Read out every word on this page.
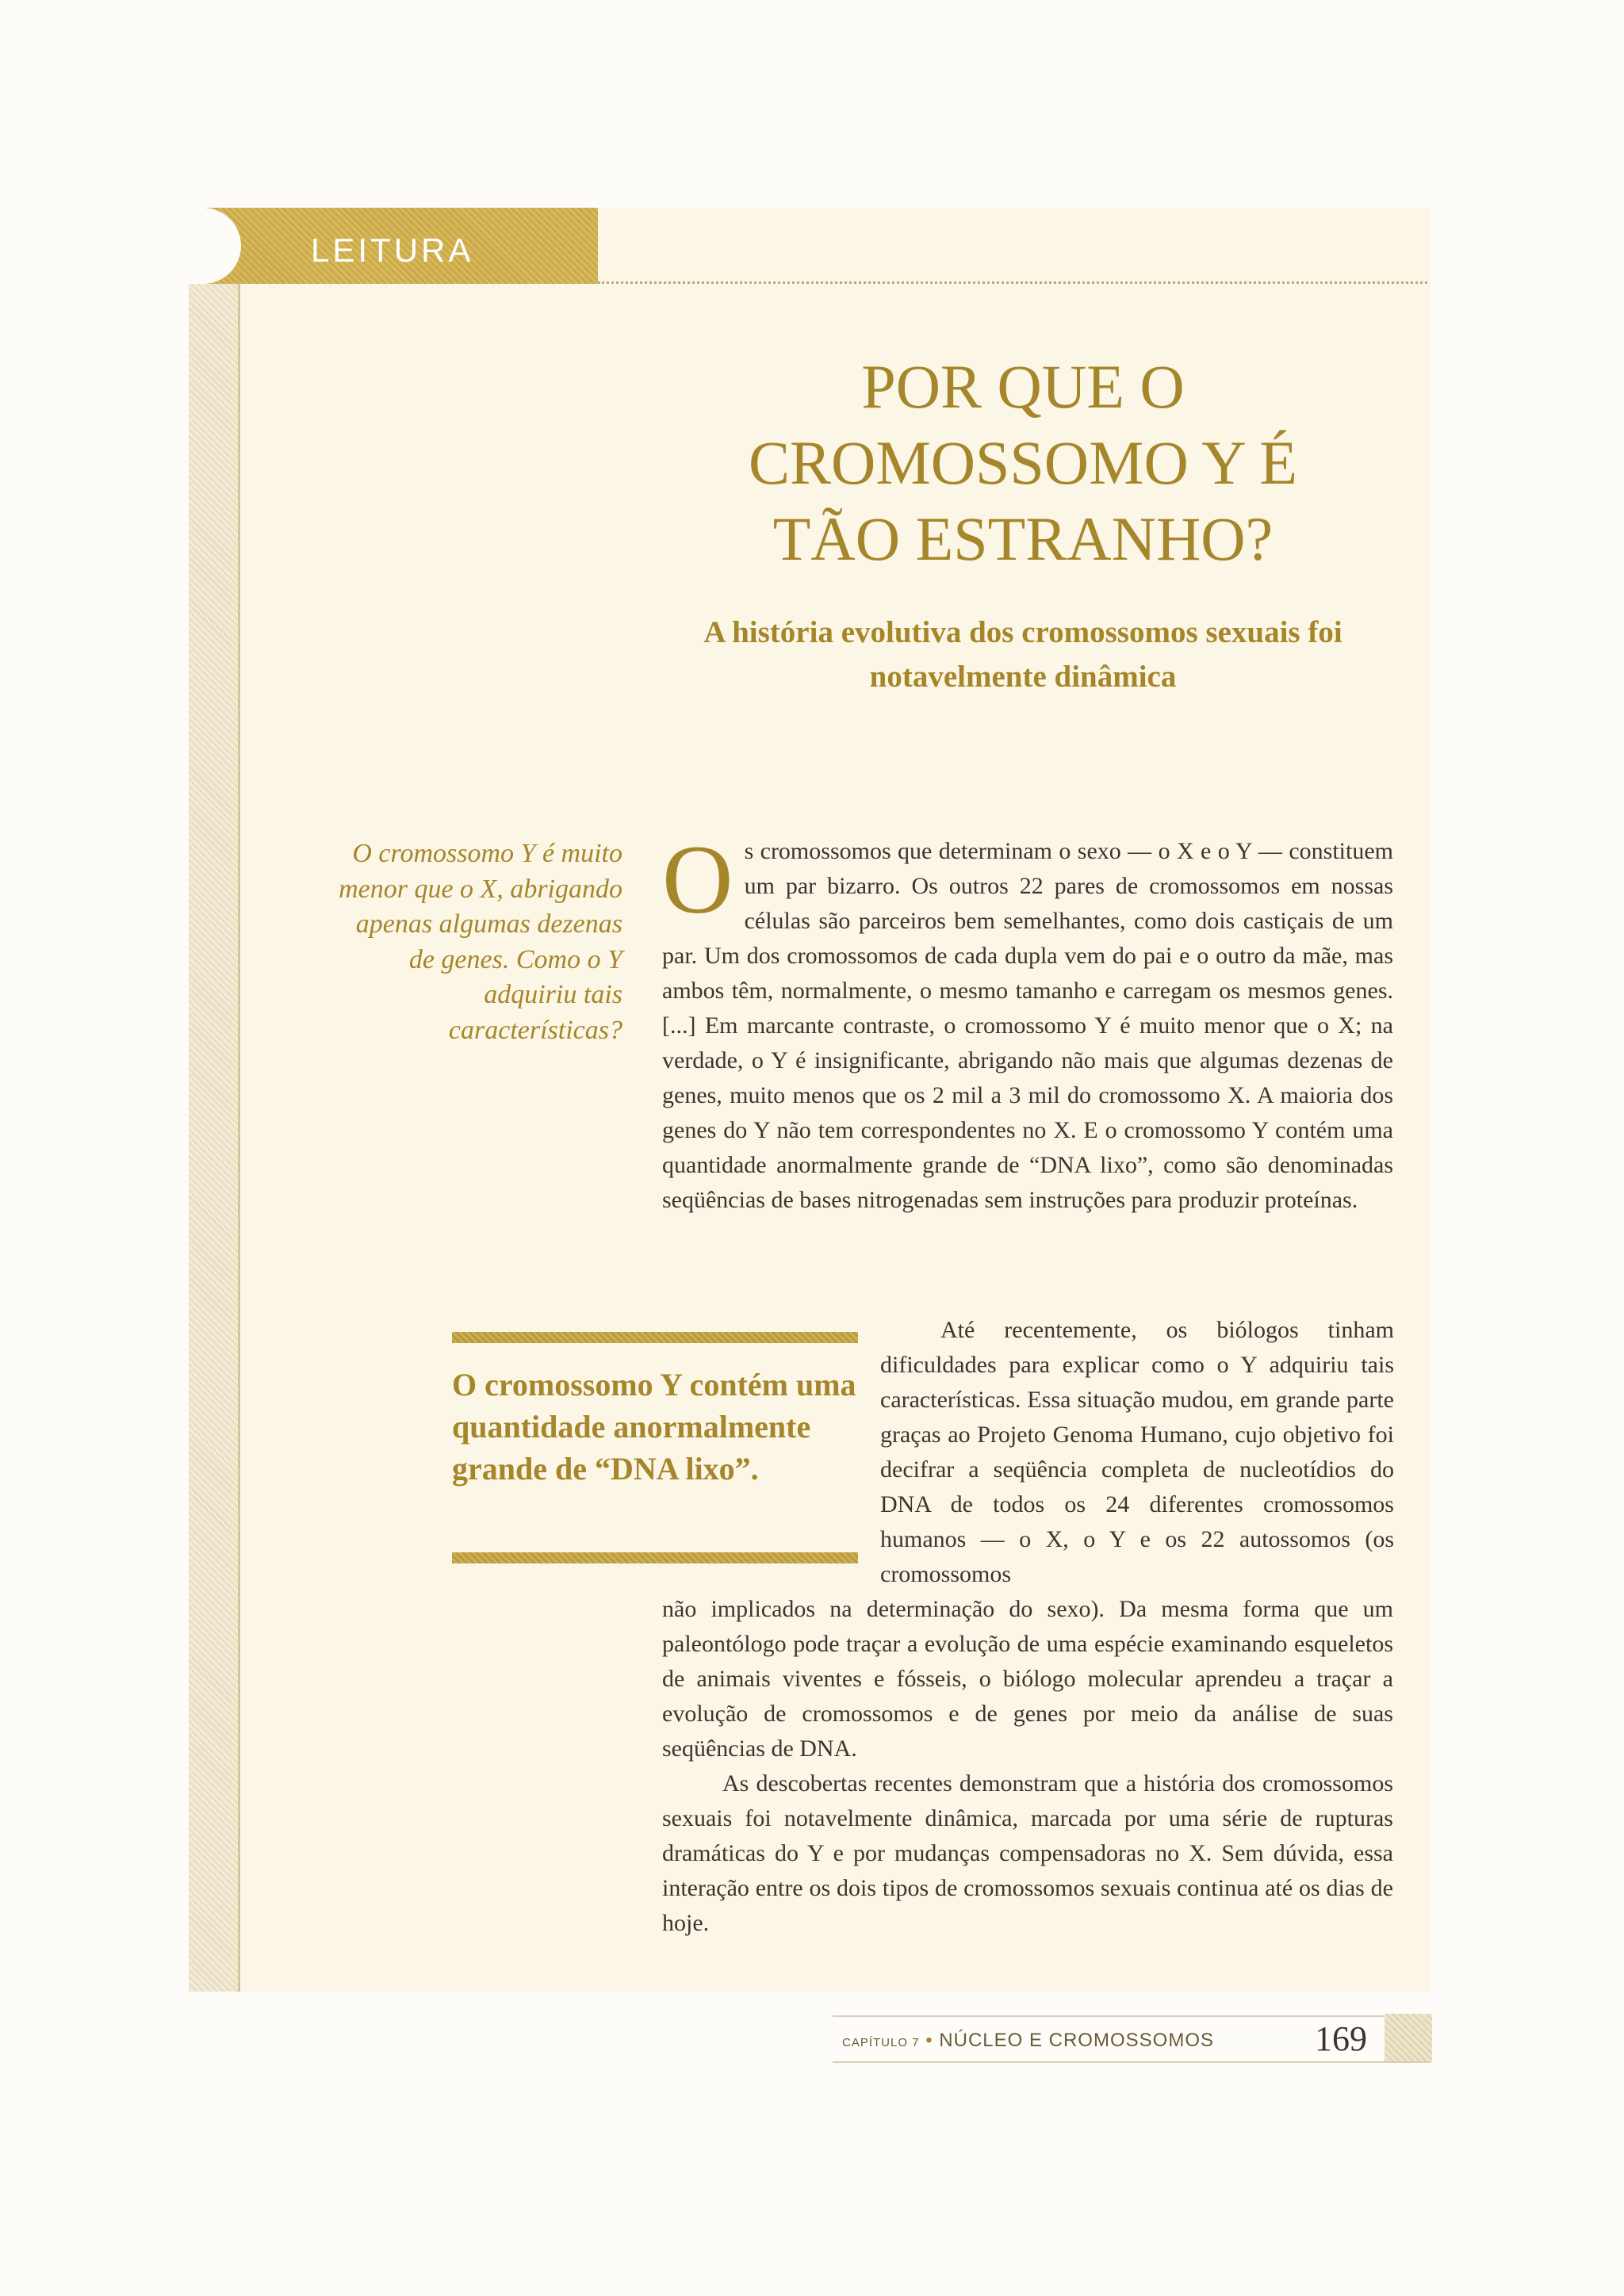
LEITURA
POR QUE O CROMOSSOMO Y É TÃO ESTRANHO?
A história evolutiva dos cromossomos sexuais foi notavelmente dinâmica

O cromossomo Y é muito menor que o X, abrigando apenas algumas dezenas de genes. Como o Y adquiriu tais características?

Os cromossomos que determinam o sexo — o X e o Y — constituem um par bizarro. Os outros 22 pares de cromossomos em nossas células são parceiros bem semelhantes, como dois castiçais de um par. Um dos cromossomos de cada dupla vem do pai e o outro da mãe, mas ambos têm, normalmente, o mesmo tamanho e carregam os mesmos genes. [...] Em marcante contraste, o cromossomo Y é muito menor que o X; na verdade, o Y é insignificante, abrigando não mais que algumas dezenas de genes, muito menos que os 2 mil a 3 mil do cromossomo X. A maioria dos genes do Y não tem correspondentes no X. E o cromossomo Y contém uma quantidade anormalmente grande de “DNA lixo”, como são denominadas seqüências de bases nitrogenadas sem instruções para produzir proteínas.

O cromossomo Y contém uma quantidade anormalmente grande de “DNA lixo”.

Até recentemente, os biólogos tinham dificuldades para explicar como o Y adquiriu tais características. Essa situação mudou, em grande parte graças ao Projeto Genoma Humano, cujo objetivo foi decifrar a seqüência completa de nucleotídios do DNA de todos os 24 diferentes cromossomos humanos — o X, o Y e os 22 autossomos (os cromossomos

não implicados na determinação do sexo). Da mesma forma que um paleontólogo pode traçar a evolução de uma espécie examinando esqueletos de animais viventes e fósseis, o biólogo molecular aprendeu a traçar a evolução de cromossomos e de genes por meio da análise de suas seqüências de DNA.

As descobertas recentes demonstram que a história dos cromossomos sexuais foi notavelmente dinâmica, marcada por uma série de rupturas dramáticas do Y e por mudanças compensadoras no X. Sem dúvida, essa interação entre os dois tipos de cromossomos sexuais continua até os dias de hoje.

CAPÍTULO 7 • NÚCLEO E CROMOSSOMOS	169
